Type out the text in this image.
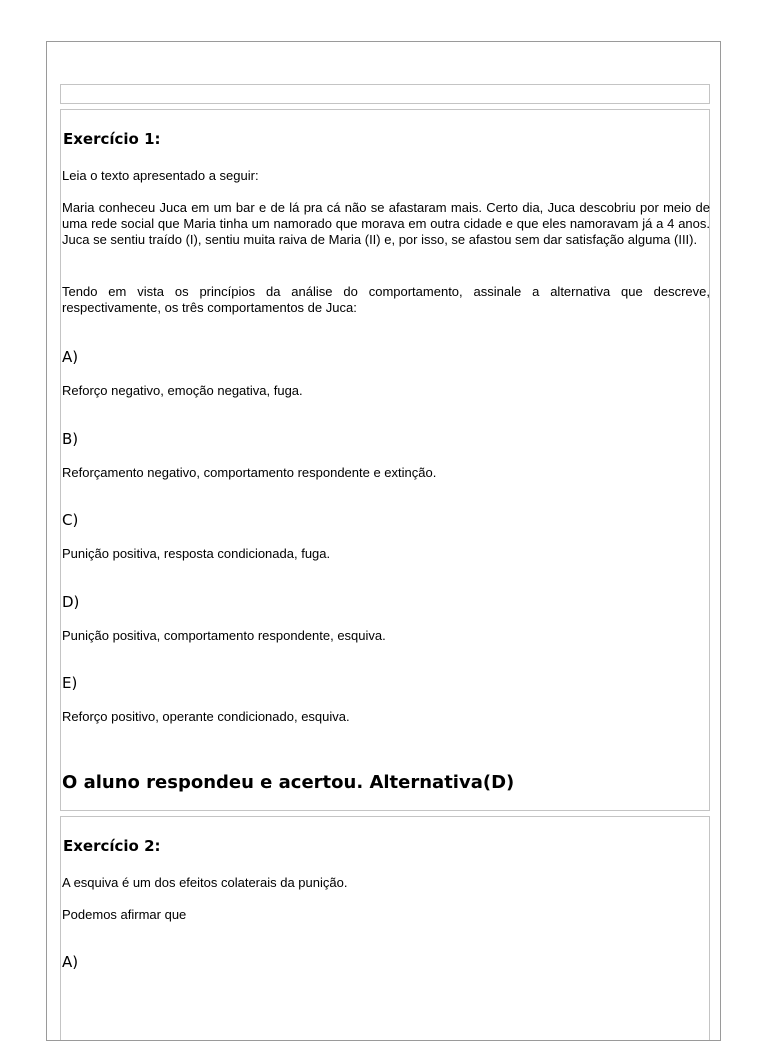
Exercício 1:

Leia o texto apresentado a seguir:

Maria conheceu Juca em um bar e de lá pra cá não se afastaram mais. Certo dia, Juca descobriu por meio de uma rede social que Maria tinha um namorado que morava em outra cidade e que eles namoravam já a 4 anos. Juca se sentiu traído (I), sentiu muita raiva de Maria (II) e, por isso, se afastou sem dar satisfação alguma (III).

Tendo em vista os princípios da análise do comportamento, assinale a alternativa que descreve, respectivamente, os três comportamentos de Juca:

A)
Reforço negativo, emoção negativa, fuga.
B)
Reforçamento negativo, comportamento respondente e extinção.
C)
Punição positiva, resposta condicionada, fuga.
D)
Punição positiva, comportamento respondente, esquiva.
E)
Reforço positivo, operante condicionado, esquiva.
O aluno respondeu e acertou. Alternativa(D)
Exercício 2:

A esquiva é um dos efeitos colaterais da punição.

Podemos afirmar que

A)
